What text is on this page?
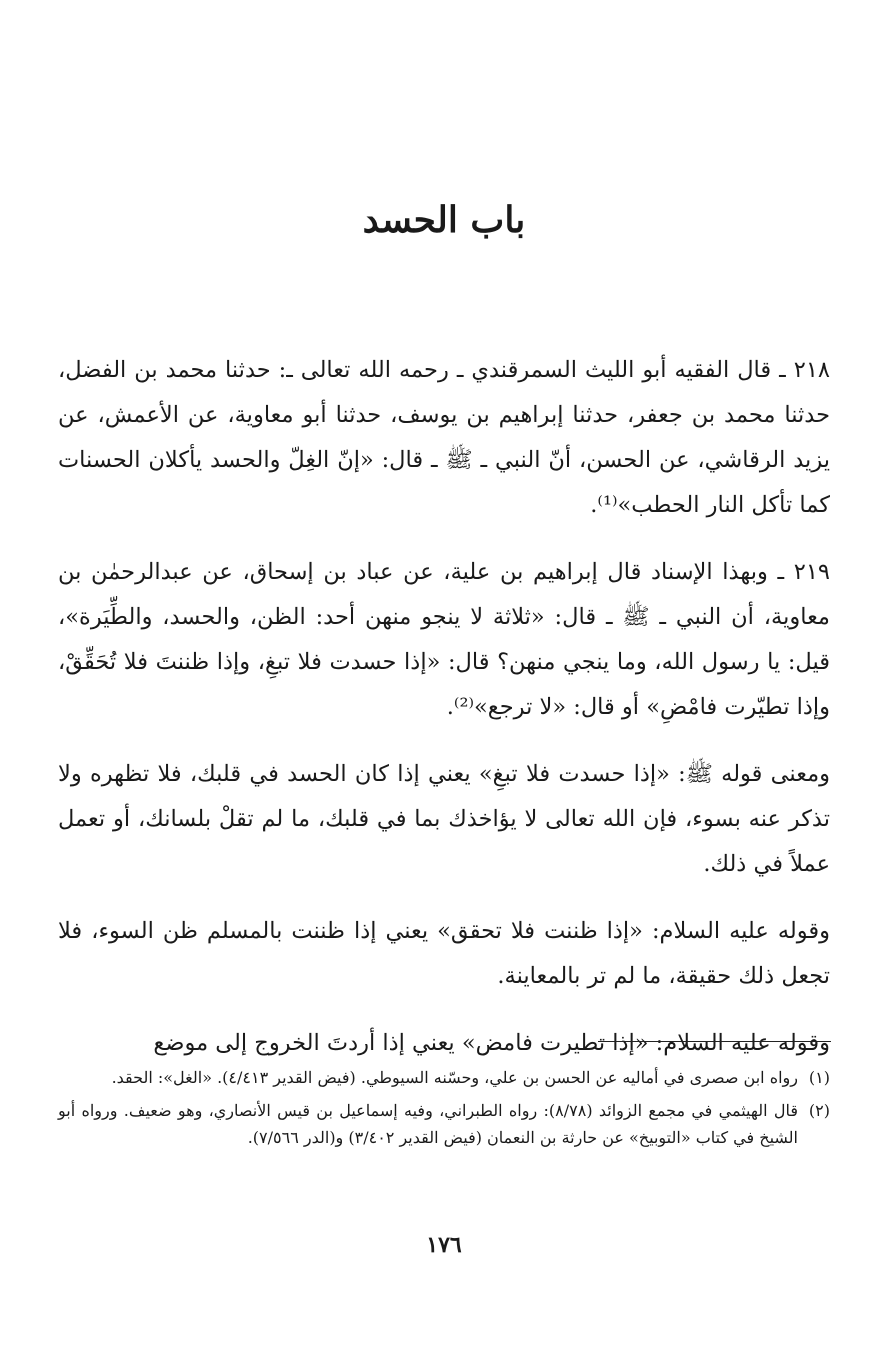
باب الحسد

٢١٨ ـ قال الفقيه أبو الليث السمرقندي ـ رحمه الله تعالى ـ: حدثنا محمد بن الفضل، حدثنا محمد بن جعفر، حدثنا إبراهيم بن يوسف، حدثنا أبو معاوية، عن الأعمش، عن يزيد الرقاشي، عن الحسن، أنّ النبي ـ ﷺ ـ قال: «إنّ الغِلّ والحسد يأكلان الحسنات كما تأكل النار الحطب»⁽¹⁾.

٢١٩ ـ وبهذا الإسناد قال إبراهيم بن علية، عن عباد بن إسحاق، عن عبدالرحمٰن بن معاوية، أن النبي ـ ﷺ ـ قال: «ثلاثة لا ينجو منهن أحد: الظن، والحسد، والطِّيَرة»، قيل: يا رسول الله، وما ينجي منهن؟ قال: «إذا حسدت فلا تبغِ، وإذا ظننتَ فلا تُحَقِّقْ، وإذا تطيّرت فامْضِ» أو قال: «لا ترجع»⁽²⁾.

ومعنى قوله ﷺ: «إذا حسدت فلا تبغِ» يعني إذا كان الحسد في قلبك، فلا تظهره ولا تذكر عنه بسوء، فإن الله تعالى لا يؤاخذك بما في قلبك، ما لم تقلْ بلسانك، أو تعمل عملاً في ذلك.

وقوله عليه السلام: «إذا ظننت فلا تحقق» يعني إذا ظننت بالمسلم ظن السوء، فلا تجعل ذلك حقيقة، ما لم تر بالمعاينة.

وقوله عليه السلام: «إذا تطيرت فامض» يعني إذا أردتَ الخروج إلى موضع

(١)
رواه ابن صصرى في أماليه عن الحسن بن علي، وحسّنه السيوطي. (فيض القدير ٤/٤١٣). «الغل»: الحقد.
(٢)
قال الهيثمي في مجمع الزوائد (٨/٧٨): رواه الطبراني، وفيه إسماعيل بن قيس الأنصاري، وهو ضعيف. ورواه أبو الشيخ في كتاب «التوبيخ» عن حارثة بن النعمان (فيض القدير ٣/٤٠٢) و(الدر ٧/٥٦٦).
١٧٦
